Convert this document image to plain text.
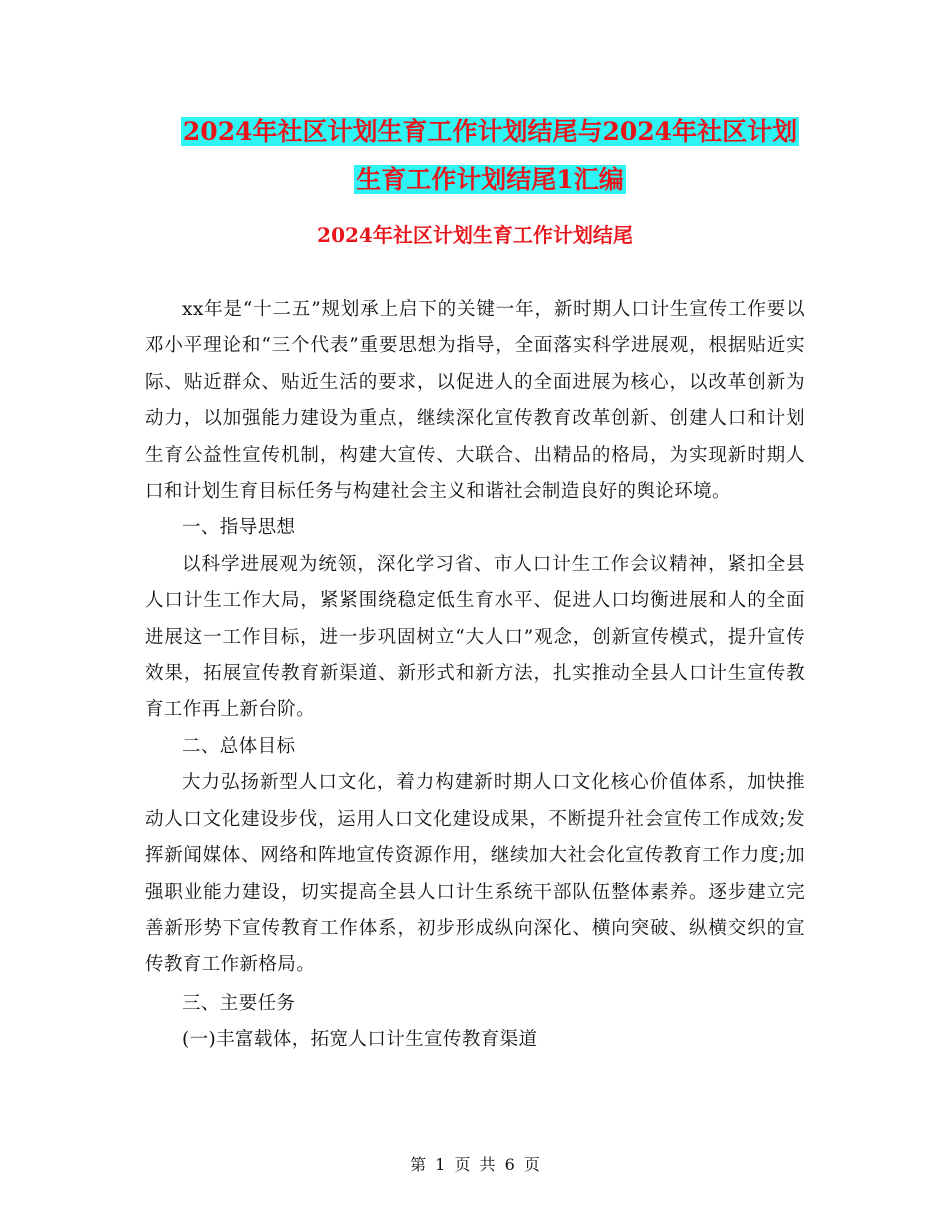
2024年社区计划生育工作计划结尾与2024年社区计划
生育工作计划结尾1汇编
2024年社区计划生育工作计划结尾

xx年是“十二五”规划承上启下的关键一年，新时期人口计生宣传工作要以邓小平理论和“三个代表”重要思想为指导，全面落实科学进展观，根据贴近实际、贴近群众、贴近生活的要求，以促进人的全面进展为核心，以改革创新为动力，以加强能力建设为重点，继续深化宣传教育改革创新、创建人口和计划生育公益性宣传机制，构建大宣传、大联合、出精品的格局，为实现新时期人口和计划生育目标任务与构建社会主义和谐社会制造良好的舆论环境。

一、指导思想

以科学进展观为统领，深化学习省、市人口计生工作会议精神，紧扣全县人口计生工作大局，紧紧围绕稳定低生育水平、促进人口均衡进展和人的全面进展这一工作目标，进一步巩固树立“大人口”观念，创新宣传模式，提升宣传效果，拓展宣传教育新渠道、新形式和新方法，扎实推动全县人口计生宣传教育工作再上新台阶。

二、总体目标

大力弘扬新型人口文化，着力构建新时期人口文化核心价值体系，加快推动人口文化建设步伐，运用人口文化建设成果，不断提升社会宣传工作成效;发挥新闻媒体、网络和阵地宣传资源作用，继续加大社会化宣传教育工作力度;加强职业能力建设，切实提高全县人口计生系统干部队伍整体素养。逐步建立完善新形势下宣传教育工作体系，初步形成纵向深化、横向突破、纵横交织的宣传教育工作新格局。

三、主要任务

(一)丰富载体，拓宽人口计生宣传教育渠道

第 1 页 共 6 页
